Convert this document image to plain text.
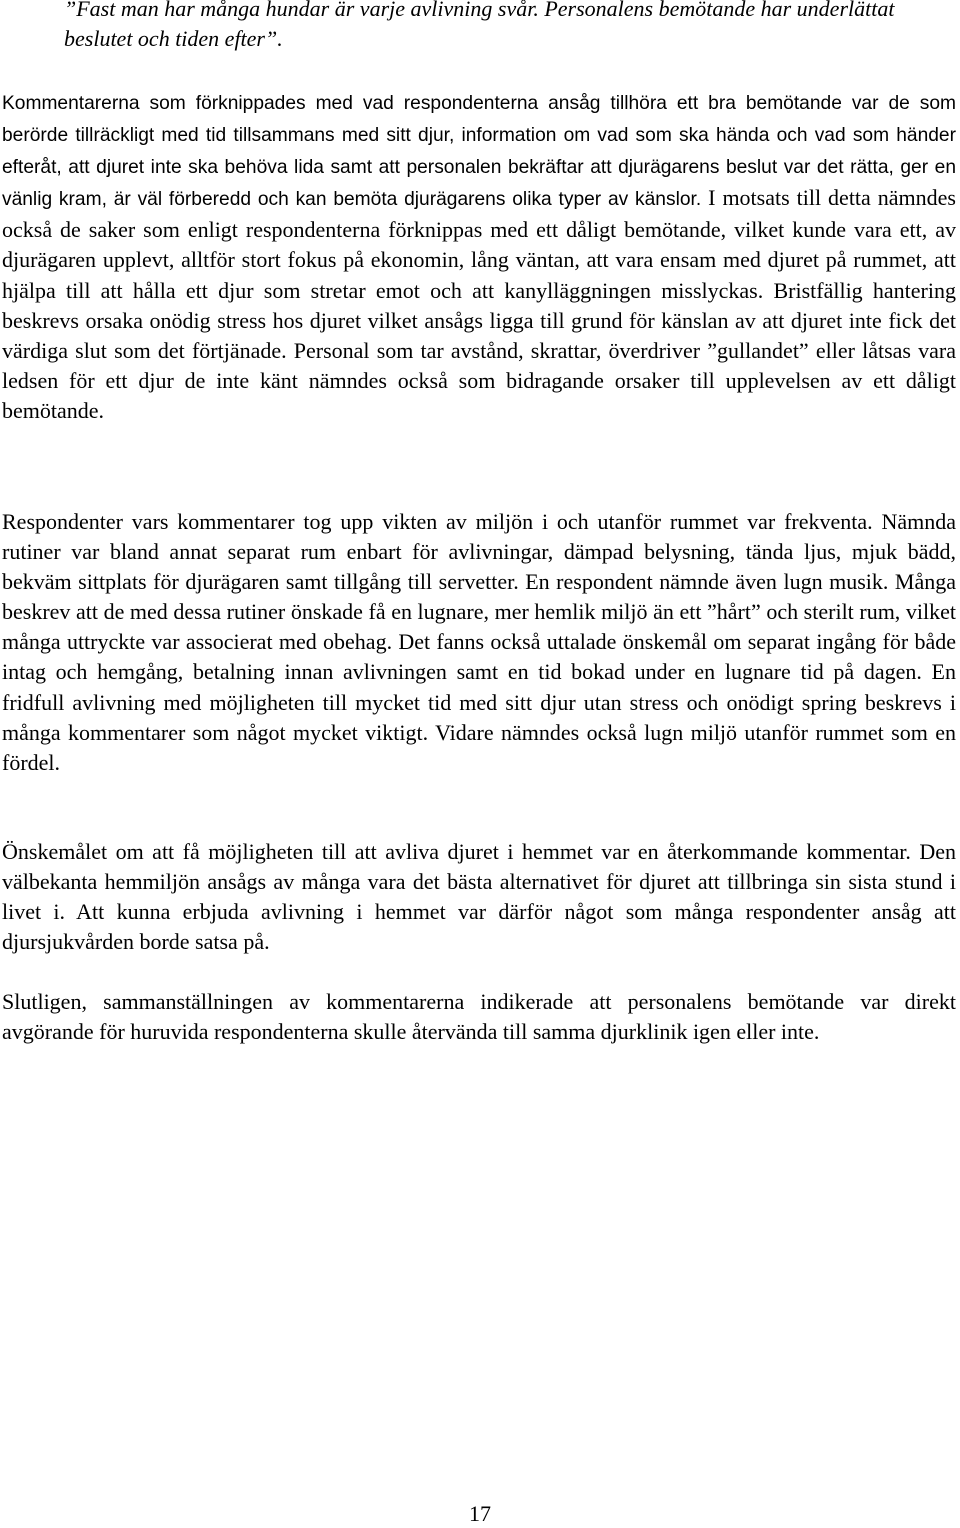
”Fast man har många hundar är varje avlivning svår. Personalens bemötande har underlättat beslutet och tiden efter”.

Kommentarerna som förknippades med vad respondenterna ansåg tillhöra ett bra bemötande var de som berörde tillräckligt med tid tillsammans med sitt djur, information om vad som ska hända och vad som händer efteråt, att djuret inte ska behöva lida samt att personalen bekräftar att djurägarens beslut var det rätta, ger en vänlig kram, är väl förberedd och kan bemöta djurägarens olika typer av känslor. I motsats till detta nämndes också de saker som enligt respondenterna förknippas med ett dåligt bemötande, vilket kunde vara ett, av djurägaren upplevt, alltför stort fokus på ekonomin, lång väntan, att vara ensam med djuret på rummet, att hjälpa till att hålla ett djur som stretar emot och att kanylläggningen misslyckas. Bristfällig hantering beskrevs orsaka onödig stress hos djuret vilket ansågs ligga till grund för känslan av att djuret inte fick det värdiga slut som det förtjänade. Personal som tar avstånd, skrattar, överdriver ”gullandet” eller låtsas vara ledsen för ett djur de inte känt nämndes också som bidragande orsaker till upplevelsen av ett dåligt bemötande.

Respondenter vars kommentarer tog upp vikten av miljön i och utanför rummet var frekventa. Nämnda rutiner var bland annat separat rum enbart för avlivningar, dämpad belysning, tända ljus, mjuk bädd, bekväm sittplats för djurägaren samt tillgång till servetter. En respondent nämnde även lugn musik. Många beskrev att de med dessa rutiner önskade få en lugnare, mer hemlik miljö än ett ”hårt” och sterilt rum, vilket många uttryckte var associerat med obehag. Det fanns också uttalade önskemål om separat ingång för både intag och hemgång, betalning innan avlivningen samt en tid bokad under en lugnare tid på dagen. En fridfull avlivning med möjligheten till mycket tid med sitt djur utan stress och onödigt spring beskrevs i många kommentarer som något mycket viktigt. Vidare nämndes också lugn miljö utanför rummet som en fördel.

Önskemålet om att få möjligheten till att avliva djuret i hemmet var en återkommande kommentar. Den välbekanta hemmiljön ansågs av många vara det bästa alternativet för djuret att tillbringa sin sista stund i livet i. Att kunna erbjuda avlivning i hemmet var därför något som många respondenter ansåg att djursjukvården borde satsa på.

Slutligen, sammanställningen av kommentarerna indikerade att personalens bemötande var direkt avgörande för huruvida respondenterna skulle återvända till samma djurklinik igen eller inte.

17
